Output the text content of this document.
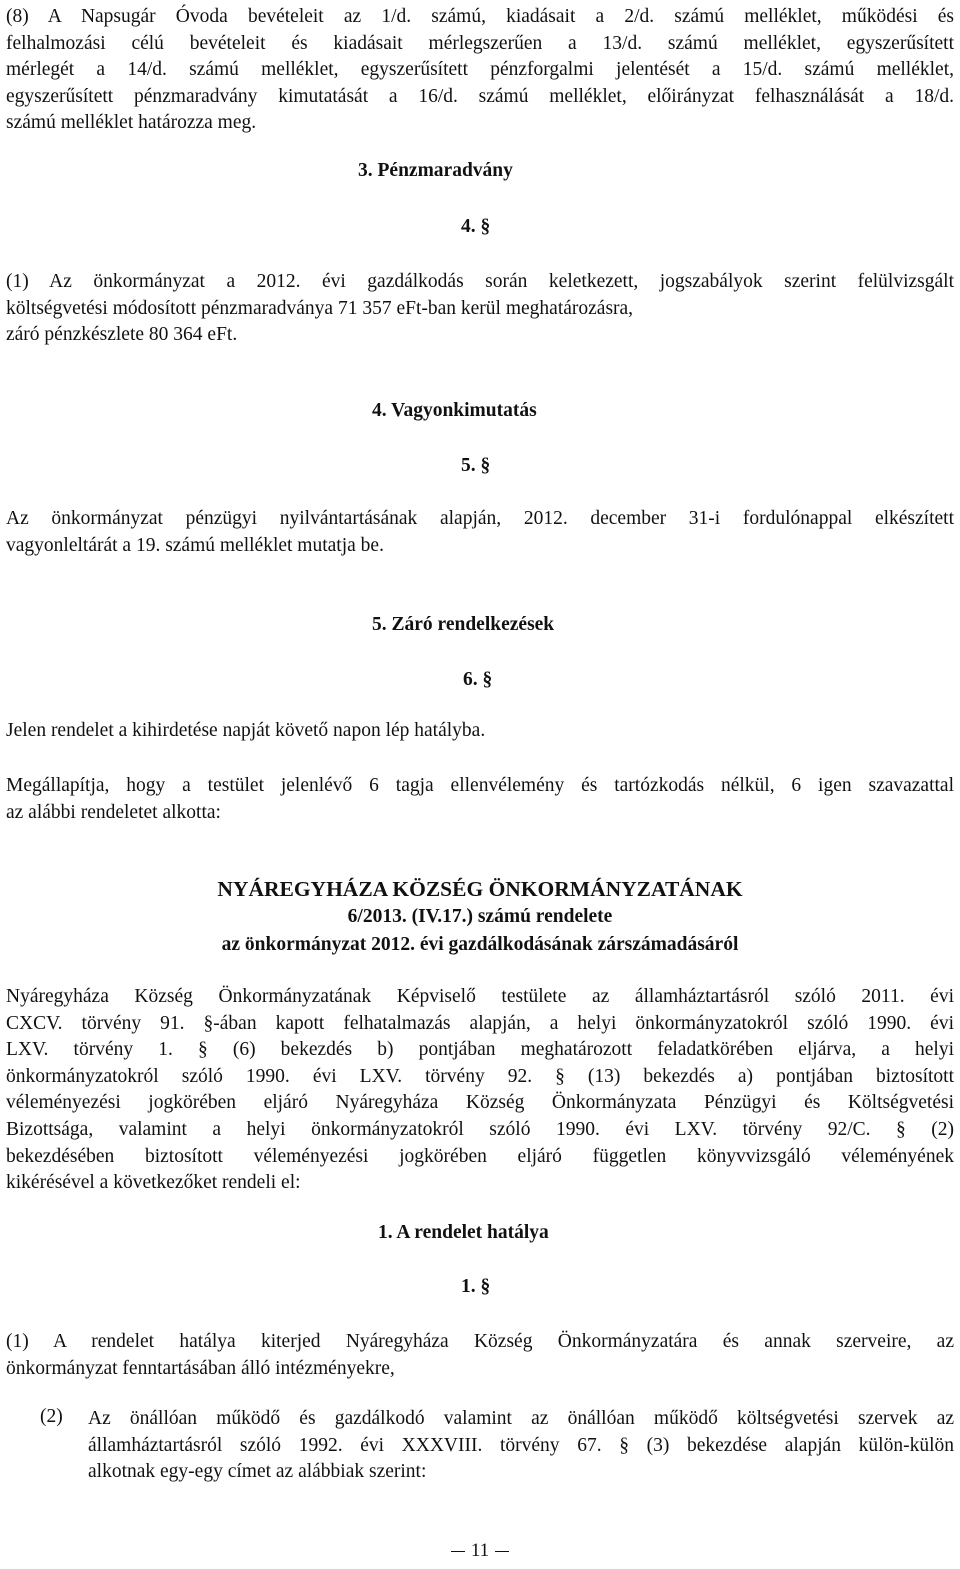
(8) A Napsugár Óvoda bevételeit az 1/d. számú, kiadásait a 2/d. számú melléklet, működési és
felhalmozási célú bevételeit és kiadásait mérlegszerűen a 13/d. számú melléklet, egyszerűsített
mérlegét a 14/d. számú melléklet, egyszerűsített pénzforgalmi jelentését a 15/d. számú melléklet,
egyszerűsített pénzmaradvány kimutatását a 16/d. számú melléklet, előirányzat felhasználását a 18/d.
számú melléklet határozza meg.
3. Pénzmaradvány
4. §
(1) Az önkormányzat a 2012. évi gazdálkodás során keletkezett, jogszabályok szerint felülvizsgált
költségvetési módosított pénzmaradványa 71 357 eFt-ban kerül meghatározásra,
záró pénzkészlete 80 364 eFt.
4. Vagyonkimutatás
5. §
Az önkormányzat pénzügyi nyilvántartásának alapján, 2012. december 31-i fordulónappal elkészített
vagyonleltárát a 19. számú melléklet mutatja be.
5. Záró rendelkezések
6. §
Jelen rendelet a kihirdetése napját követő napon lép hatályba.
Megállapítja, hogy a testület jelenlévő 6 tagja ellenvélemény és tartózkodás nélkül, 6 igen szavazattal
az alábbi rendeletet alkotta:
NYÁREGYHÁZA KÖZSÉG ÖNKORMÁNYZATÁNAK
6/2013. (IV.17.) számú rendelete
az önkormányzat 2012. évi gazdálkodásának zárszámadásáról
Nyáregyháza Község Önkormányzatának Képviselő testülete az államháztartásról szóló 2011. évi
CXCV. törvény 91. §-ában kapott felhatalmazás alapján, a helyi önkormányzatokról szóló 1990. évi
LXV. törvény 1. § (6) bekezdés b) pontjában meghatározott feladatkörében eljárva, a helyi
önkormányzatokról szóló 1990. évi LXV. törvény 92. § (13) bekezdés a) pontjában biztosított
véleményezési jogkörében eljáró Nyáregyháza Község Önkormányzata Pénzügyi és Költségvetési
Bizottsága, valamint a helyi önkormányzatokról szóló 1990. évi LXV. törvény 92/C. § (2)
bekezdésében biztosított véleményezési jogkörében eljáró független könyvvizsgáló véleményének
kikérésével a következőket rendeli el:
1. A rendelet hatálya
1. §
(1) A rendelet hatálya kiterjed Nyáregyháza Község Önkormányzatára és annak szerveire, az
önkormányzat fenntartásában álló intézményekre,
(2) Az önállóan működő és gazdálkodó valamint az önállóan működő költségvetési szervek az
államháztartásról szóló 1992. évi XXXVIII. törvény 67. § (3) bekezdése alapján külön-külön
alkotnak egy-egy címet az alábbiak szerint:
11
